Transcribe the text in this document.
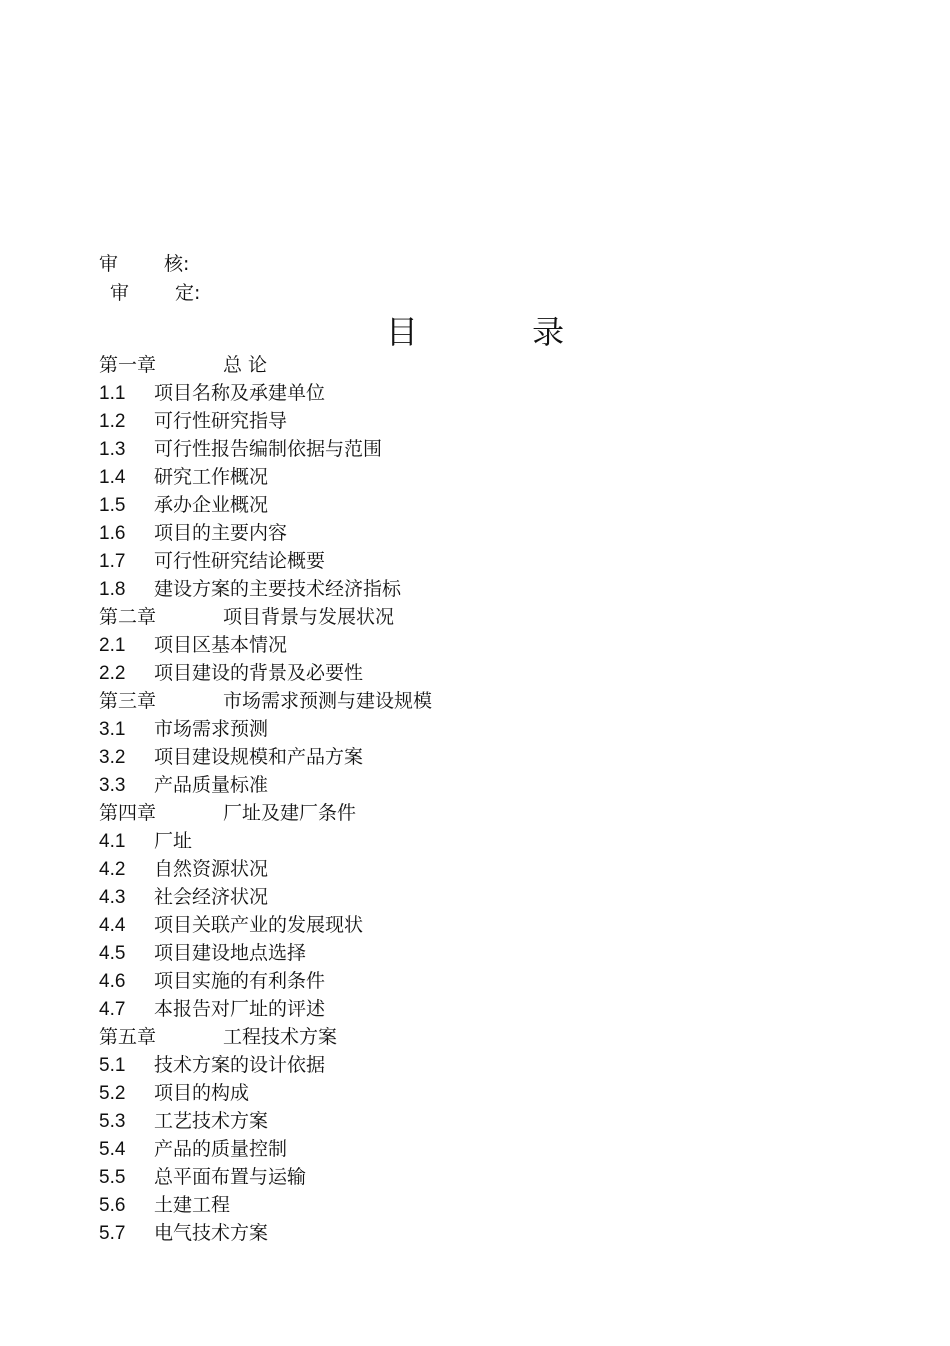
审 核:
审 定:
目 录
第一章	总 论
1.1 项目名称及承建单位
1.2 可行性研究指导
1.3 可行性报告编制依据与范围
1.4 研究工作概况
1.5 承办企业概况
1.6 项目的主要内容
1.7 可行性研究结论概要
1.8 建设方案的主要技术经济指标
第二章	项目背景与发展状况
2.1 项目区基本情况
2.2 项目建设的背景及必要性
第三章	市场需求预测与建设规模
3.1 市场需求预测
3.2 项目建设规模和产品方案
3.3 产品质量标准
第四章	厂址及建厂条件
4.1 厂址
4.2 自然资源状况
4.3 社会经济状况
4.4 项目关联产业的发展现状
4.5 项目建设地点选择
4.6 项目实施的有利条件
4.7 本报告对厂址的评述
第五章	工程技术方案
5.1 技术方案的设计依据
5.2 项目的构成
5.3 工艺技术方案
5.4 产品的质量控制
5.5 总平面布置与运输
5.6 土建工程
5.7 电气技术方案
